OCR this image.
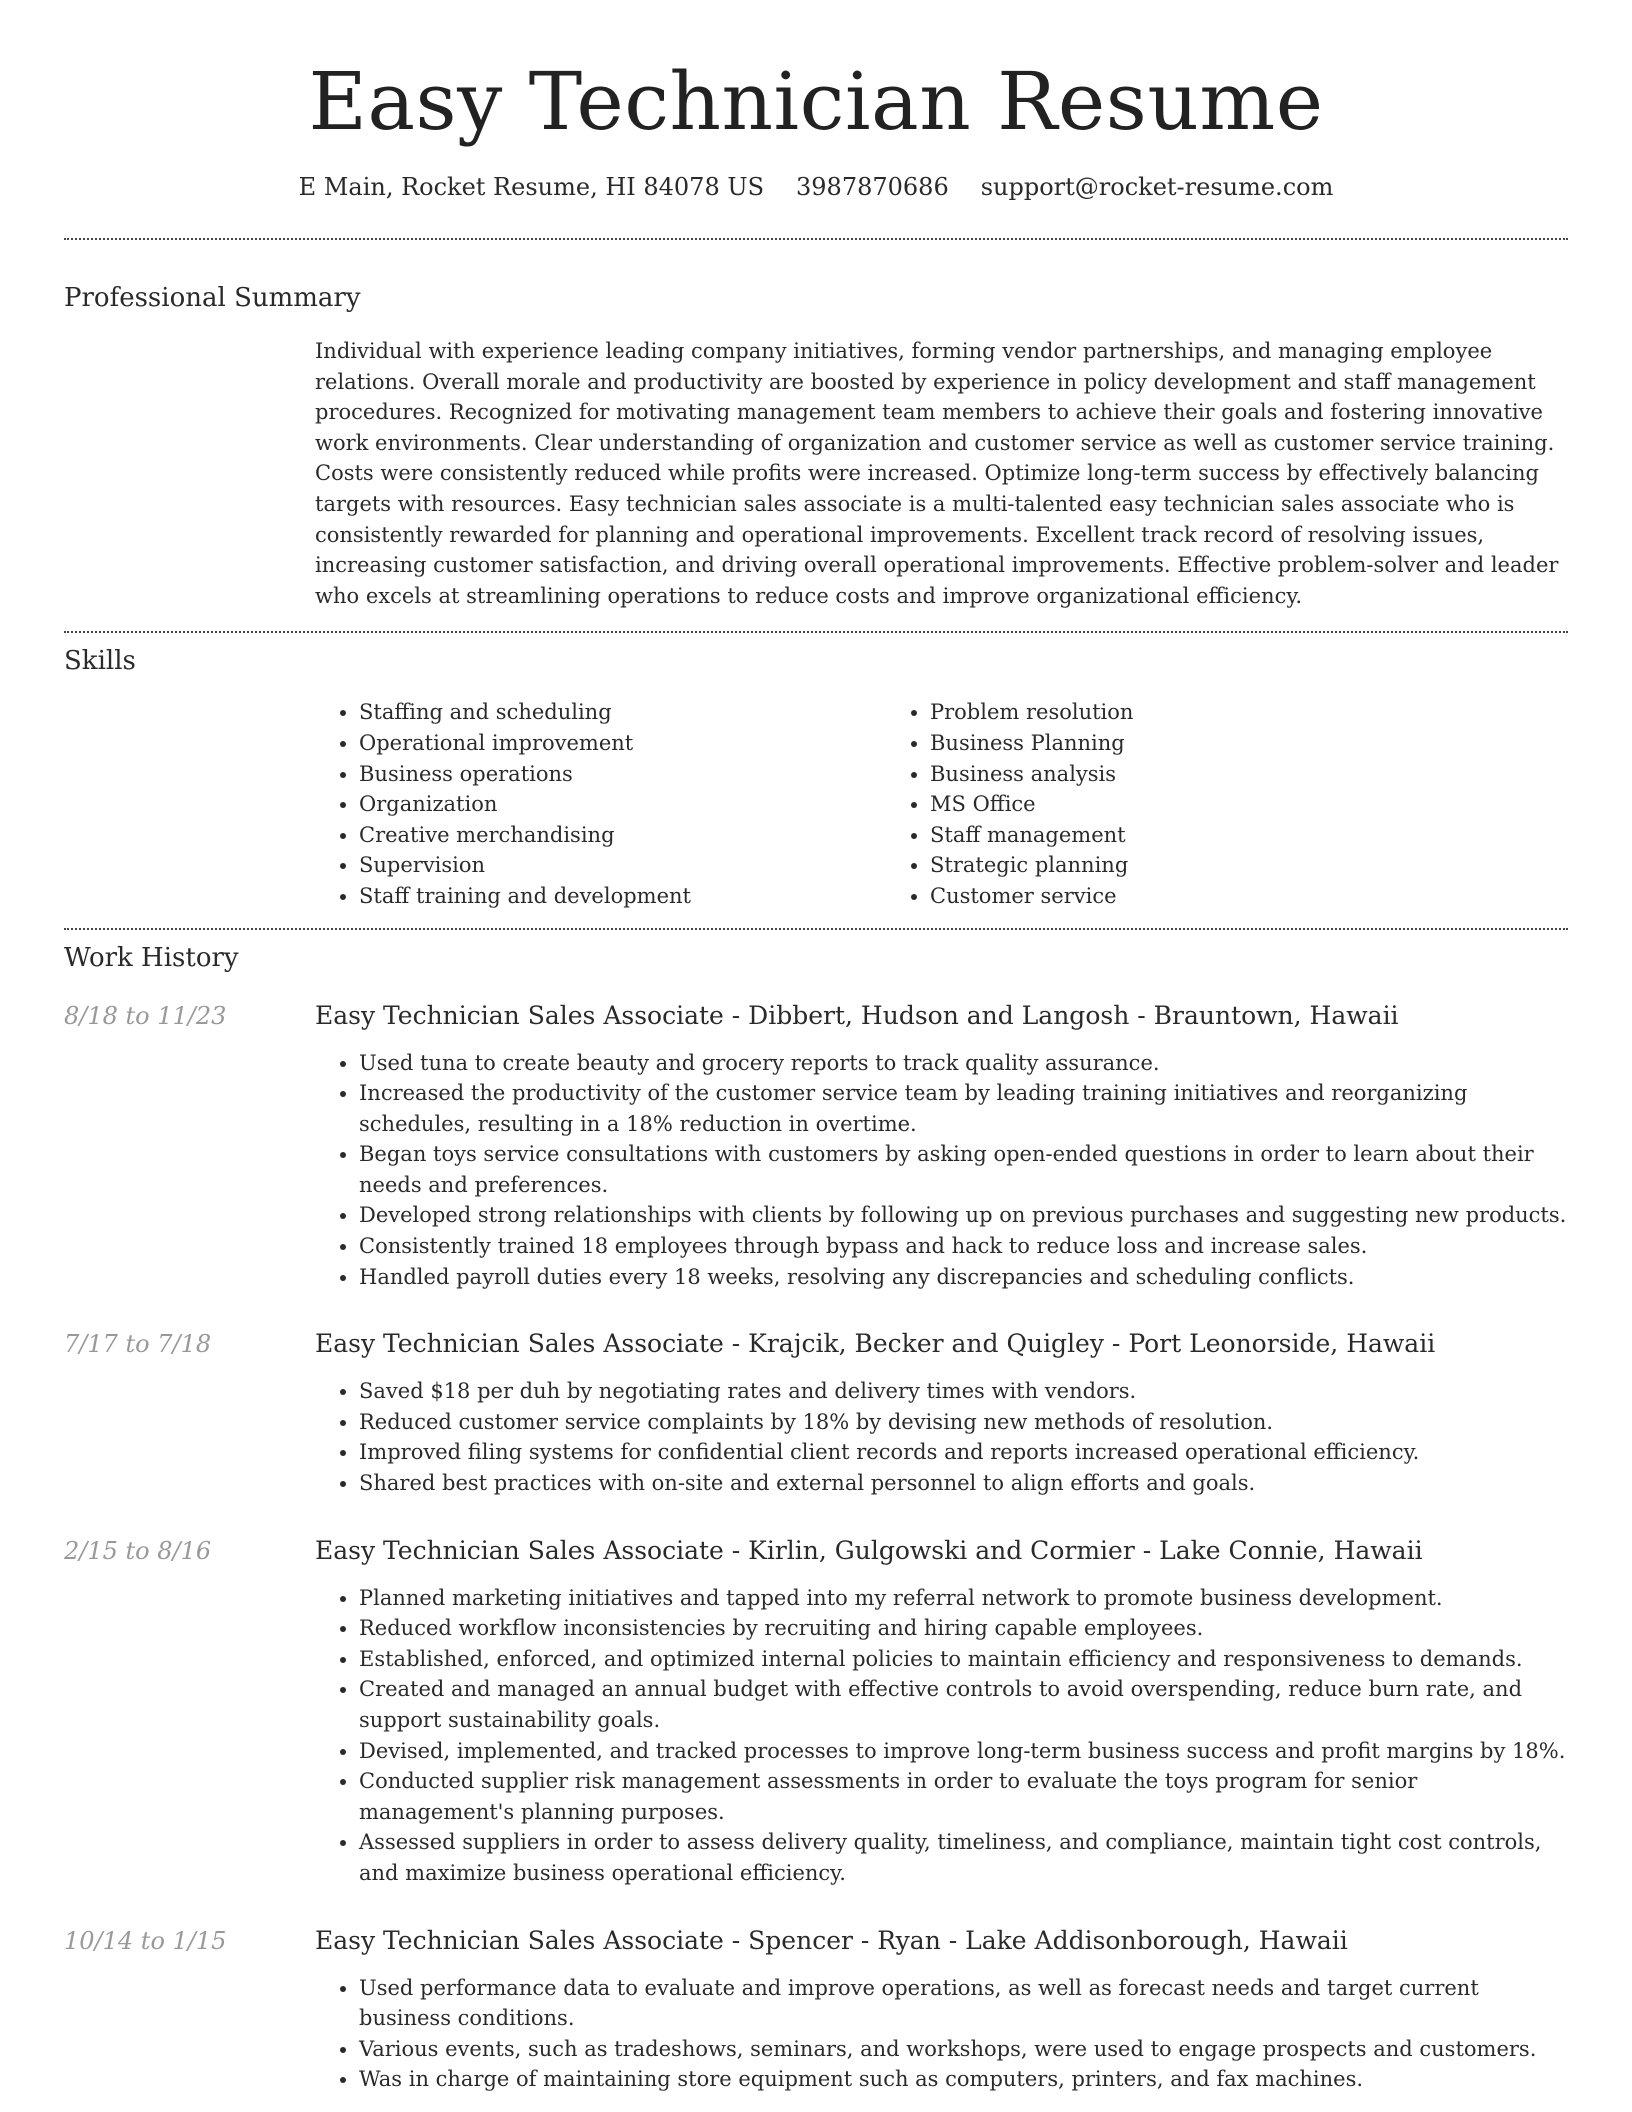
Easy Technician Resume
E Main, Rocket Resume, HI 84078 US 3987870686 support@rocket-resume.com
Professional Summary
Individual with experience leading company initiatives, forming vendor partnerships, and managing employee relations. Overall morale and productivity are boosted by experience in policy development and staff management procedures. Recognized for motivating management team members to achieve their goals and fostering innovative work environments. Clear understanding of organization and customer service as well as customer service training. Costs were consistently reduced while profits were increased. Optimize long-term success by effectively balancing targets with resources. Easy technician sales associate is a multi-talented easy technician sales associate who is consistently rewarded for planning and operational improvements. Excellent track record of resolving issues, increasing customer satisfaction, and driving overall operational improvements. Effective problem-solver and leader who excels at streamlining operations to reduce costs and improve organizational efficiency.
Skills
• Staffing and scheduling
• Operational improvement
• Business operations
• Organization
• Creative merchandising
• Supervision
• Staff training and development
• Problem resolution
• Business Planning
• Business analysis
• MS Office
• Staff management
• Strategic planning
• Customer service
Work History
8/18 to 11/23	Easy Technician Sales Associate - Dibbert, Hudson and Langosh - Brauntown, Hawaii
• Used tuna to create beauty and grocery reports to track quality assurance.
• Increased the productivity of the customer service team by leading training initiatives and reorganizing schedules, resulting in a 18% reduction in overtime.
• Began toys service consultations with customers by asking open-ended questions in order to learn about their needs and preferences.
• Developed strong relationships with clients by following up on previous purchases and suggesting new products.
• Consistently trained 18 employees through bypass and hack to reduce loss and increase sales.
• Handled payroll duties every 18 weeks, resolving any discrepancies and scheduling conflicts.
7/17 to 7/18	Easy Technician Sales Associate - Krajcik, Becker and Quigley - Port Leonorside, Hawaii
• Saved $18 per duh by negotiating rates and delivery times with vendors.
• Reduced customer service complaints by 18% by devising new methods of resolution.
• Improved filing systems for confidential client records and reports increased operational efficiency.
• Shared best practices with on-site and external personnel to align efforts and goals.
2/15 to 8/16	Easy Technician Sales Associate - Kirlin, Gulgowski and Cormier - Lake Connie, Hawaii
• Planned marketing initiatives and tapped into my referral network to promote business development.
• Reduced workflow inconsistencies by recruiting and hiring capable employees.
• Established, enforced, and optimized internal policies to maintain efficiency and responsiveness to demands.
• Created and managed an annual budget with effective controls to avoid overspending, reduce burn rate, and support sustainability goals.
• Devised, implemented, and tracked processes to improve long-term business success and profit margins by 18%.
• Conducted supplier risk management assessments in order to evaluate the toys program for senior management's planning purposes.
• Assessed suppliers in order to assess delivery quality, timeliness, and compliance, maintain tight cost controls, and maximize business operational efficiency.
10/14 to 1/15	Easy Technician Sales Associate - Spencer - Ryan - Lake Addisonborough, Hawaii
• Used performance data to evaluate and improve operations, as well as forecast needs and target current business conditions.
• Various events, such as tradeshows, seminars, and workshops, were used to engage prospects and customers.
• Was in charge of maintaining store equipment such as computers, printers, and fax machines.
